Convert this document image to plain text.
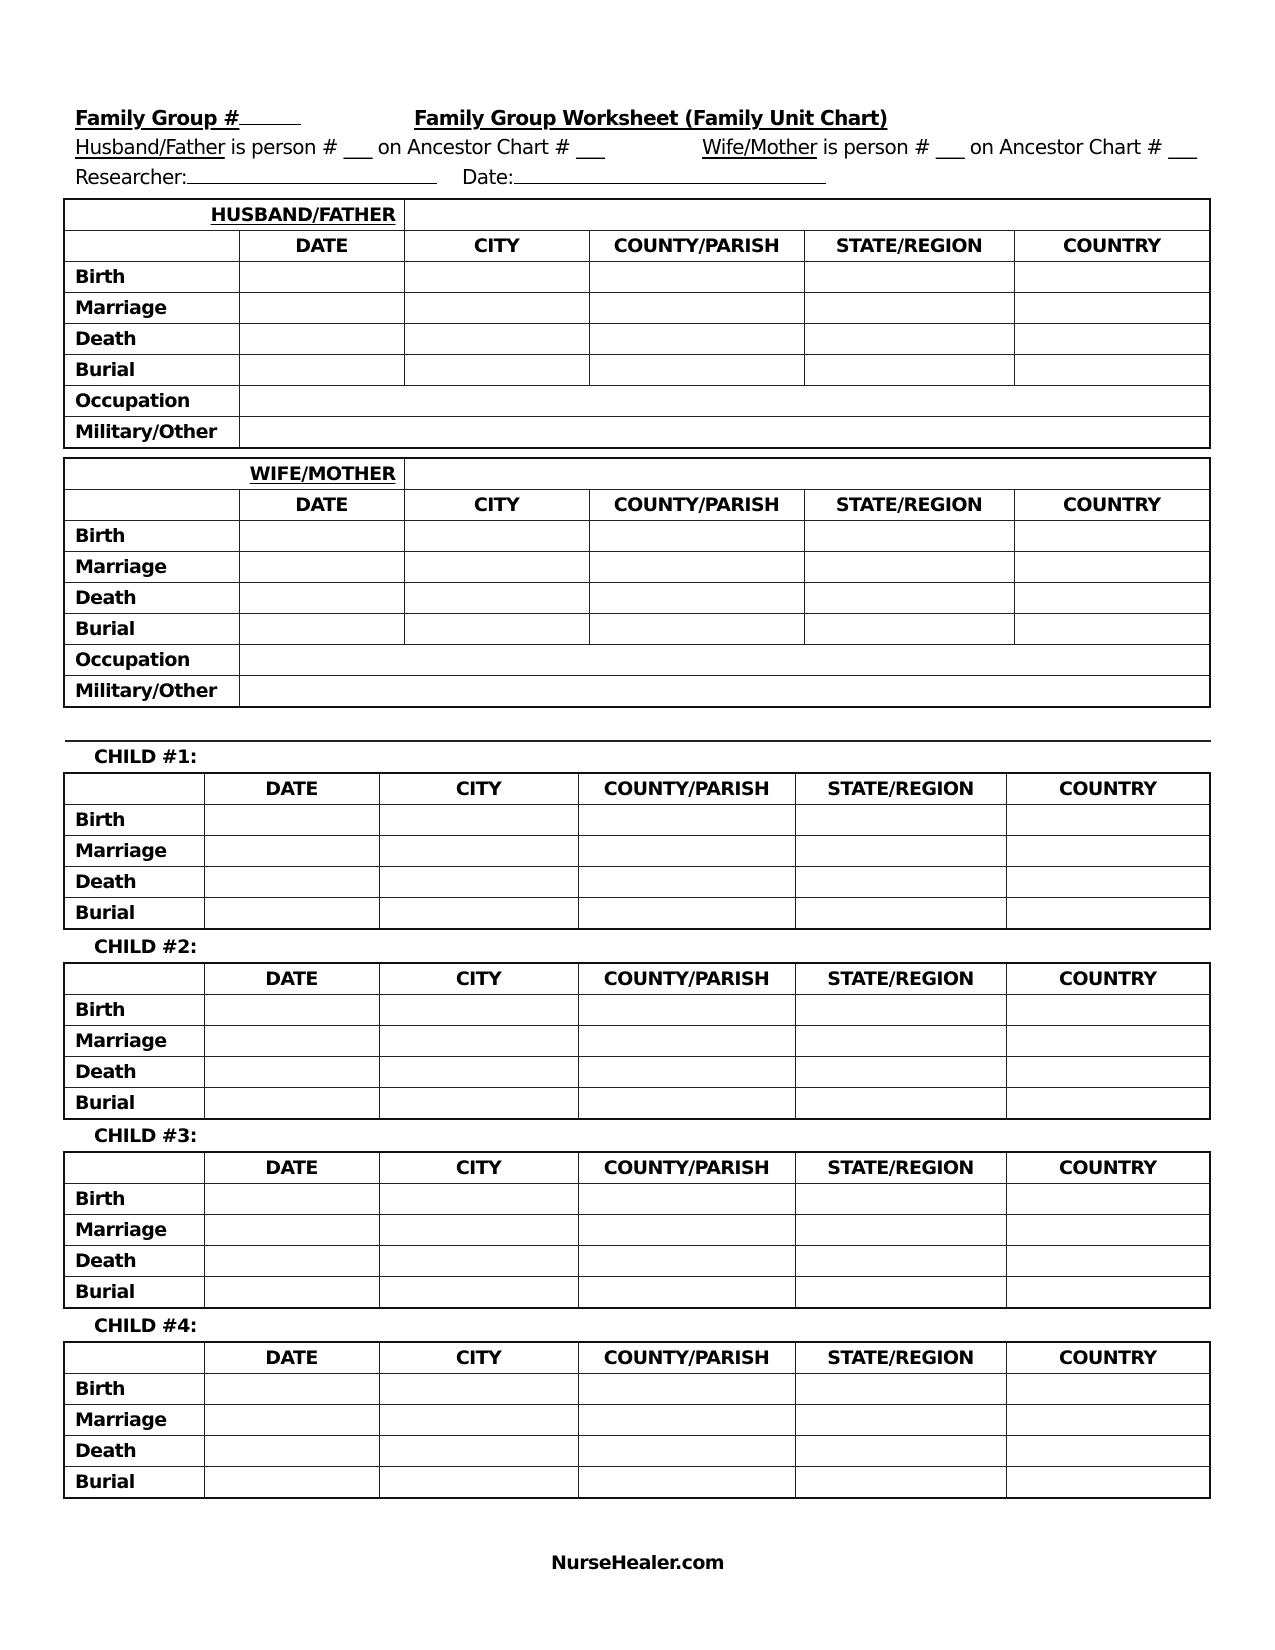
Family Group #	Family Group Worksheet (Family Unit Chart)
Husband/Father is person # ___ on Ancestor Chart # ___	Wife/Mother is person # ___ on Ancestor Chart # ___
Researcher:	Date:
HUSBAND/FATHER					
	DATE	CITY	COUNTY/PARISH	STATE/REGION	COUNTRY
Birth					
Marriage					
Death					
Burial					
Occupation					
Military/Other					
WIFE/MOTHER					
	DATE	CITY	COUNTY/PARISH	STATE/REGION	COUNTRY
Birth					
Marriage					
Death					
Burial					
Occupation					
Military/Other					
CHILD #1:
	DATE	CITY	COUNTY/PARISH	STATE/REGION	COUNTRY
Birth					
Marriage					
Death					
Burial					
CHILD #2:
	DATE	CITY	COUNTY/PARISH	STATE/REGION	COUNTRY
Birth					
Marriage					
Death					
Burial					
CHILD #3:
	DATE	CITY	COUNTY/PARISH	STATE/REGION	COUNTRY
Birth					
Marriage					
Death					
Burial					
CHILD #4:
	DATE	CITY	COUNTY/PARISH	STATE/REGION	COUNTRY
Birth					
Marriage					
Death					
Burial					
NurseHealer.com
